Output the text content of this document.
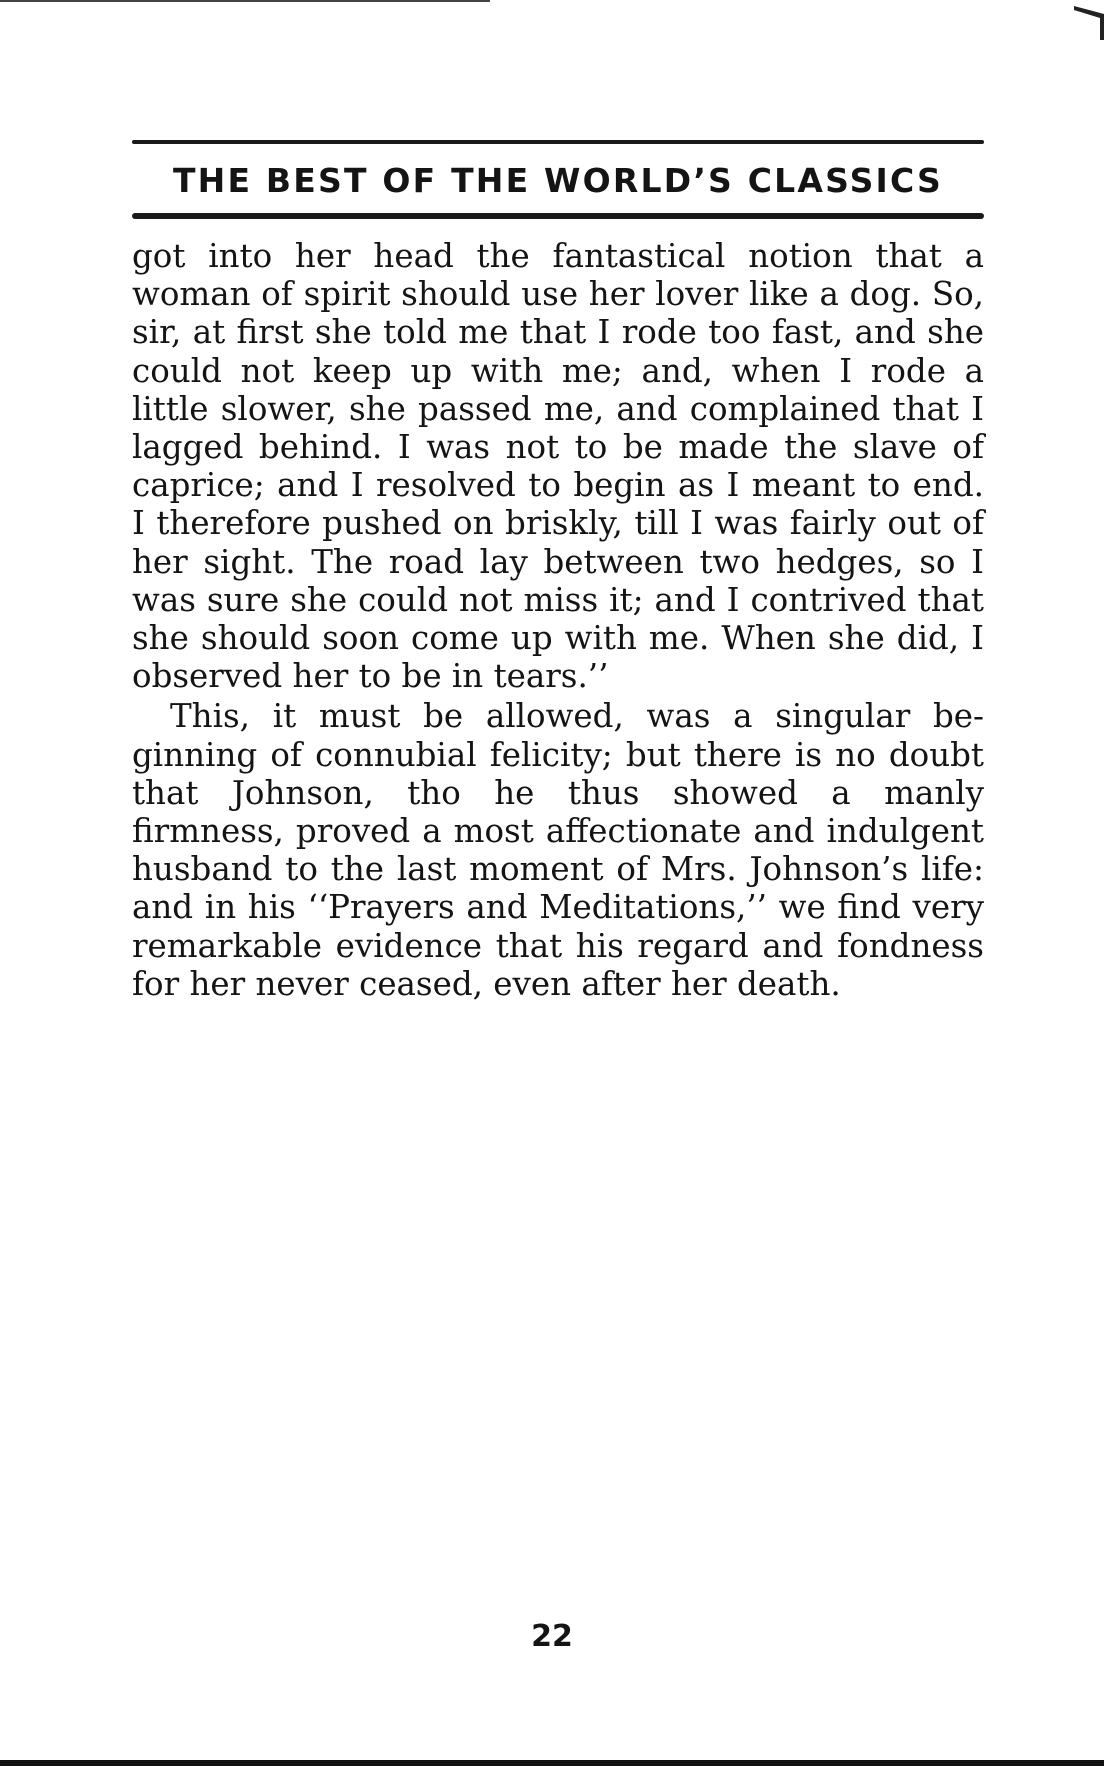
THE BEST OF THE WORLD’S CLASSICS

got into her head the fantastical notion that a woman of spirit should use her lover like a dog. So, sir, at first she told me that I rode too fast, and she could not keep up with me; and, when I rode a little slower, she passed me, and complained that I lagged behind. I was not to be made the slave of caprice; and I resolved to begin as I meant to end. I therefore pushed on briskly, till I was fairly out of her sight. The road lay between two hedges, so I was sure she could not miss it; and I contrived that she should soon come up with me. When she did, I observed her to be in tears.’’

This, it must be allowed, was a singular beginning of connubial felicity; but there is no doubt that Johnson, tho he thus showed a manly firmness, proved a most affectionate and indulgent husband to the last moment of Mrs. Johnson’s life: and in his ‘‘Prayers and Meditations,’’ we find very remarkable evidence that his regard and fondness for her never ceased, even after her death.

22
